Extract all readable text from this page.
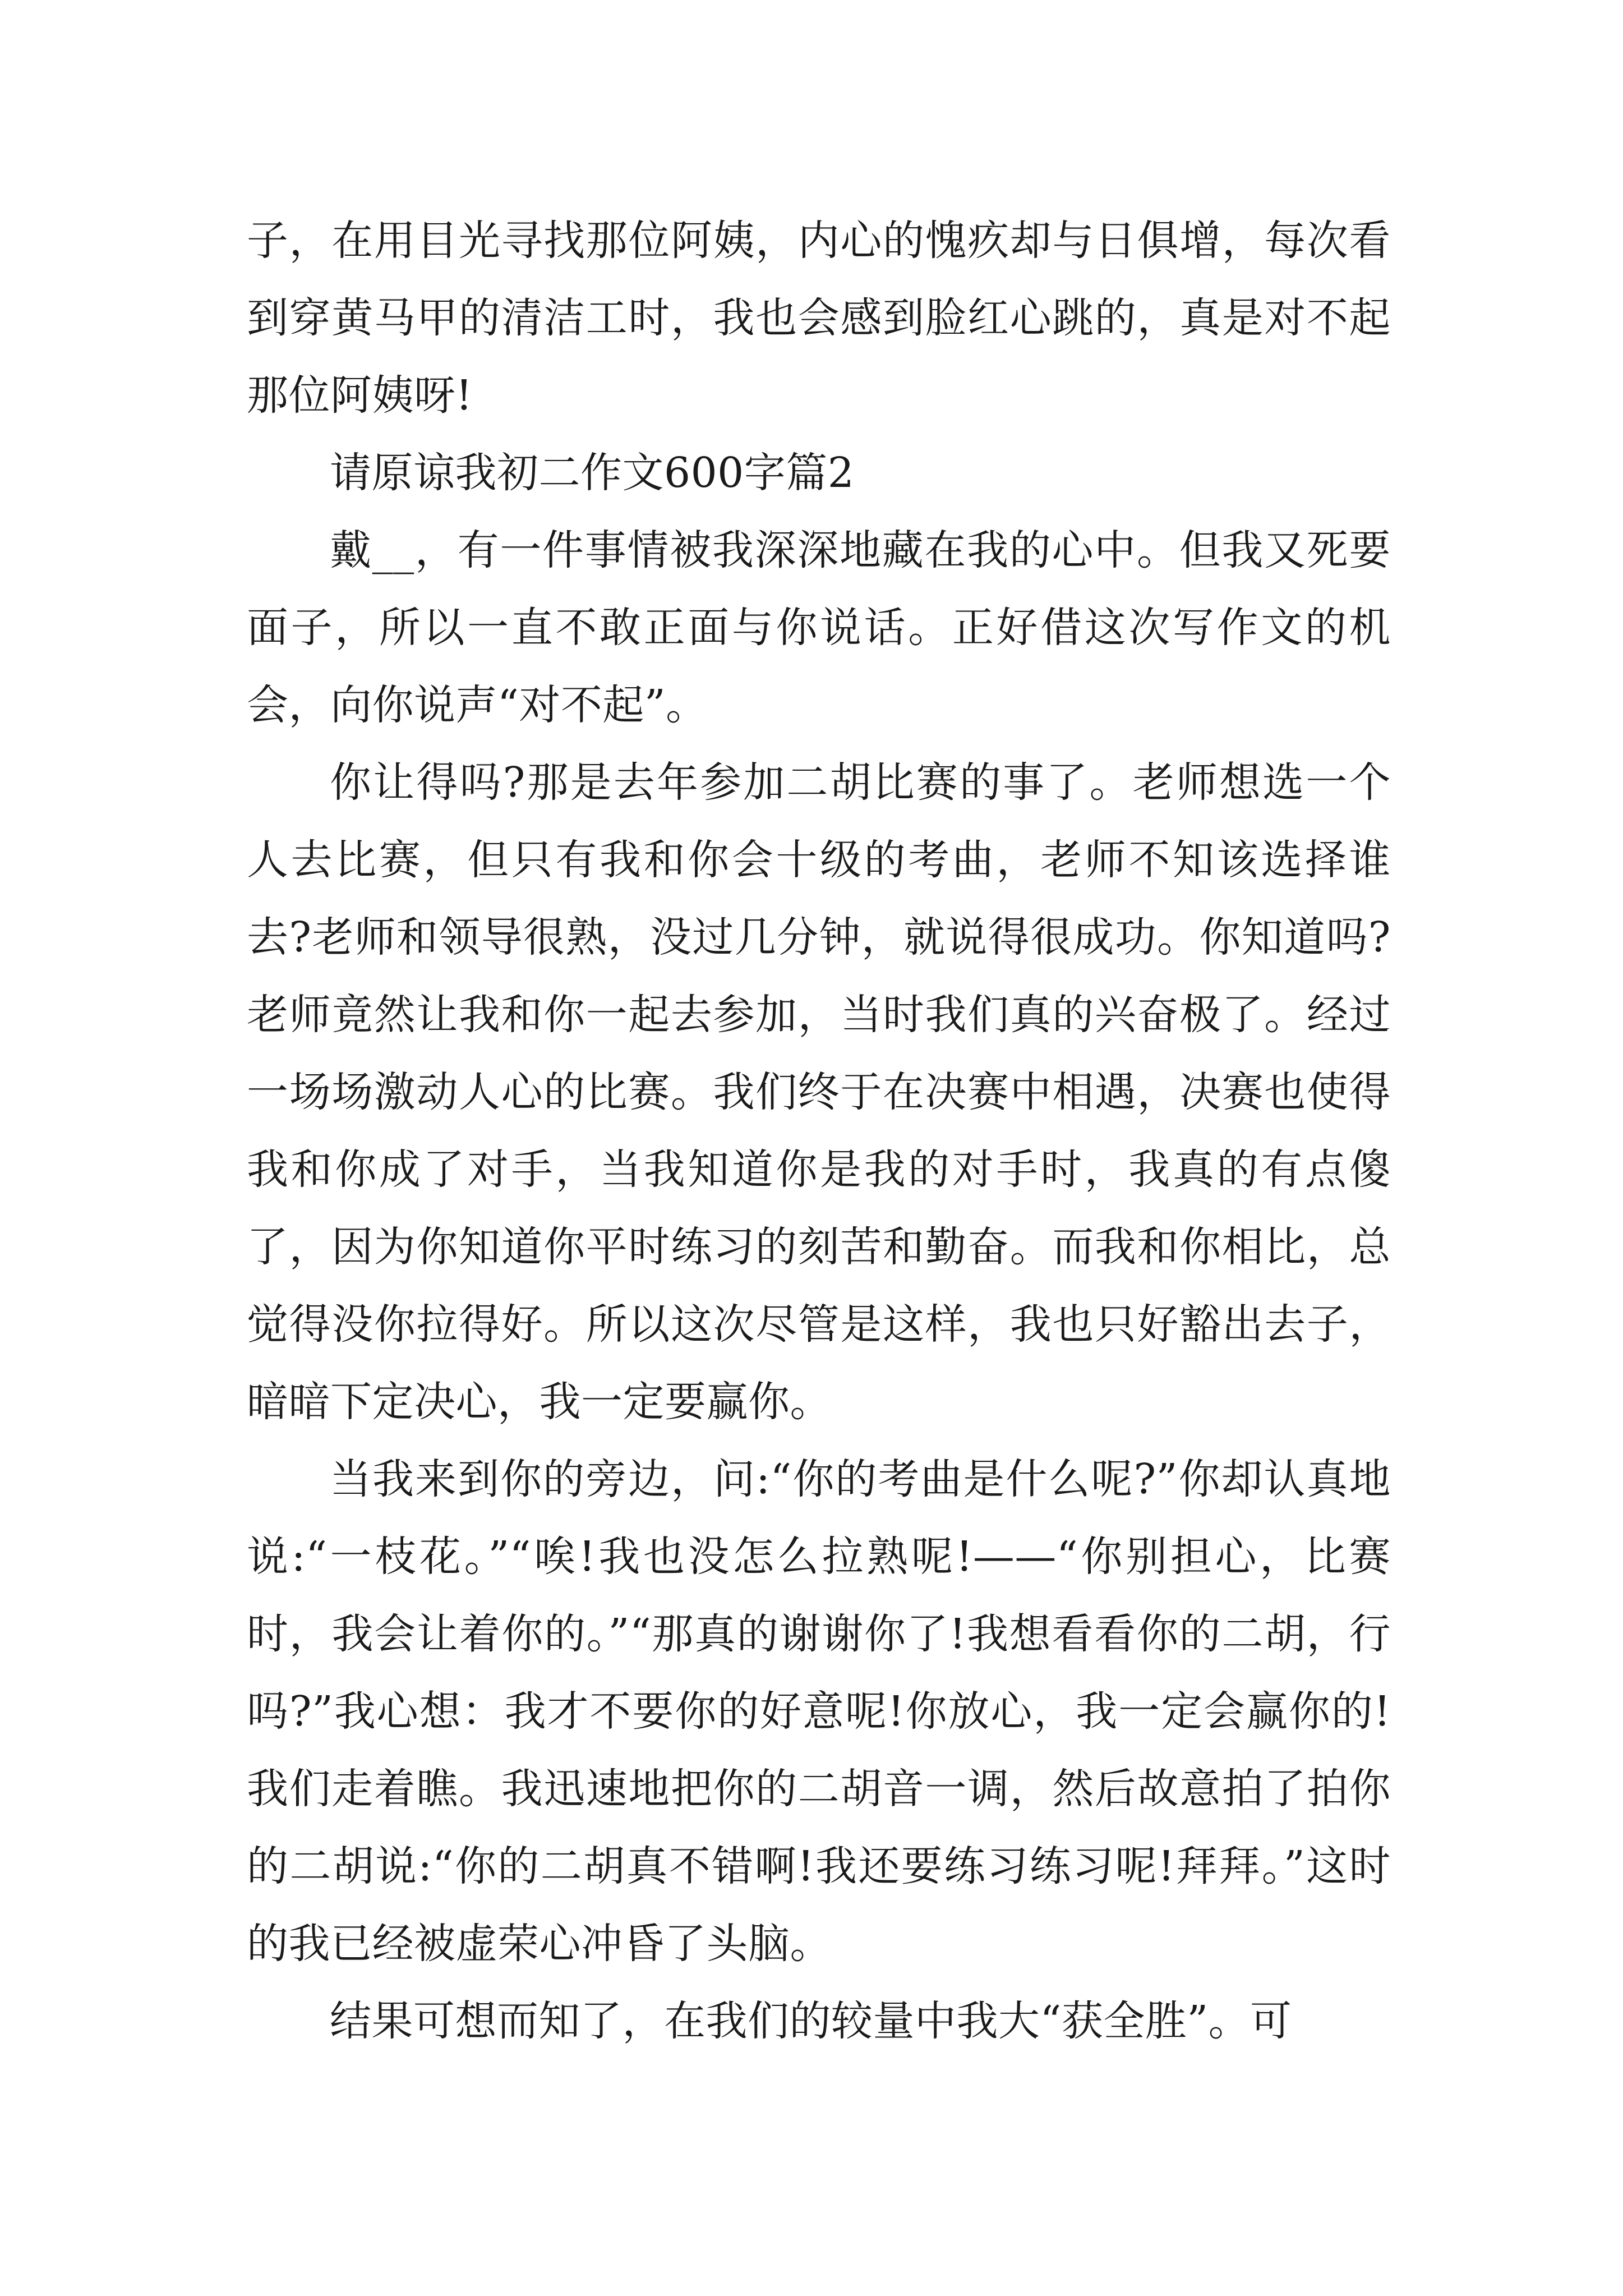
子，在用目光寻找那位阿姨，内心的愧疚却与日俱增，每次看到穿黄马甲的清洁工时，我也会感到脸红心跳的，真是对不起那位阿姨呀!

请原谅我初二作文600字篇2

戴__，有一件事情被我深深地藏在我的心中。但我又死要面子，所以一直不敢正面与你说话。正好借这次写作文的机会，向你说声“对不起”。

你让得吗?那是去年参加二胡比赛的事了。老师想选一个人去比赛，但只有我和你会十级的考曲，老师不知该选择谁去?老师和领导很熟，没过几分钟，就说得很成功。你知道吗?老师竟然让我和你一起去参加，当时我们真的兴奋极了。经过一场场激动人心的比赛。我们终于在决赛中相遇，决赛也使得我和你成了对手，当我知道你是我的对手时，我真的有点傻了，因为你知道你平时练习的刻苦和勤奋。而我和你相比，总觉得没你拉得好。所以这次尽管是这样，我也只好豁出去子，暗暗下定决心，我一定要赢你。

当我来到你的旁边，问:“你的考曲是什么呢?”你却认真地说:“一枝花。”“唉!我也没怎么拉熟呢!——“你别担心，比赛时，我会让着你的。”“那真的谢谢你了!我想看看你的二胡，行吗?”我心想：我才不要你的好意呢!你放心，我一定会赢你的!我们走着瞧。我迅速地把你的二胡音一调，然后故意拍了拍你的二胡说:“你的二胡真不错啊!我还要练习练习呢!拜拜。”这时的我已经被虚荣心冲昏了头脑。

结果可想而知了，在我们的较量中我大“获全胜”。可
